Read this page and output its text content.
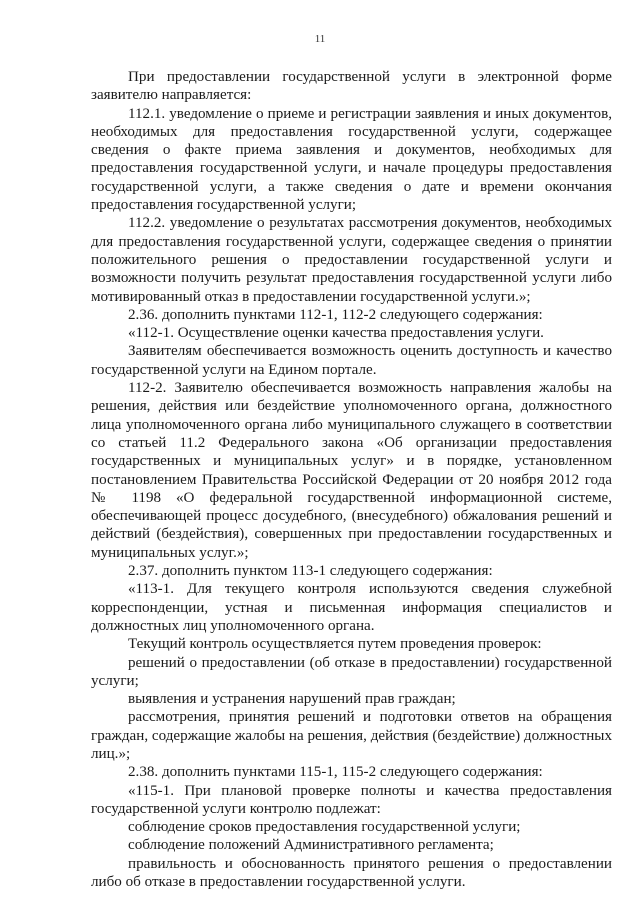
11

При предоставлении государственной услуги в электронной форме заявителю направляется:

112.1. уведомление о приеме и регистрации заявления и иных документов, необходимых для предоставления государственной услуги, содержащее сведения о факте приема заявления и документов, необходимых для предоставления государственной услуги, и начале процедуры предоставления государственной услуги, а также сведения о дате и времени окончания предоставления государственной услуги;

112.2. уведомление о результатах рассмотрения документов, необходимых для предоставления государственной услуги, содержащее сведения о принятии положительного решения о предоставлении государственной услуги и возможности получить результат предоставления государственной услуги либо мотивированный отказ в предоставлении государственной услуги.»;

2.36. дополнить пунктами 112-1, 112-2 следующего содержания:

«112-1. Осуществление оценки качества предоставления услуги.

Заявителям обеспечивается возможность оценить доступность и качество государственной услуги на Едином портале.

112-2. Заявителю обеспечивается возможность направления жалобы на решения, действия или бездействие уполномоченного органа, должностного лица уполномоченного органа либо муниципального служащего в соответствии со статьей 11.2 Федерального закона «Об организации предоставления государственных и муниципальных услуг» и в порядке, установленном постановлением Правительства Российской Федерации от 20 ноября 2012 года № 1198 «О федеральной государственной информационной системе, обеспечивающей процесс досудебного, (внесудебного) обжалования решений и действий (бездействия), совершенных при предоставлении государственных и муниципальных услуг.»;

2.37. дополнить пунктом 113-1 следующего содержания:

«113-1. Для текущего контроля используются сведения служебной корреспонденции, устная и письменная информация специалистов и должностных лиц уполномоченного органа.

Текущий контроль осуществляется путем проведения проверок:

решений о предоставлении (об отказе в предоставлении) государственной услуги;

выявления и устранения нарушений прав граждан;

рассмотрения, принятия решений и подготовки ответов на обращения граждан, содержащие жалобы на решения, действия (бездействие) должностных лиц.»;

2.38. дополнить пунктами 115-1, 115-2 следующего содержания:

«115-1. При плановой проверке полноты и качества предоставления государственной услуги контролю подлежат:

соблюдение сроков предоставления государственной услуги;

соблюдение положений Административного регламента;

правильность и обоснованность принятого решения о предоставлении либо об отказе в предоставлении государственной услуги.
